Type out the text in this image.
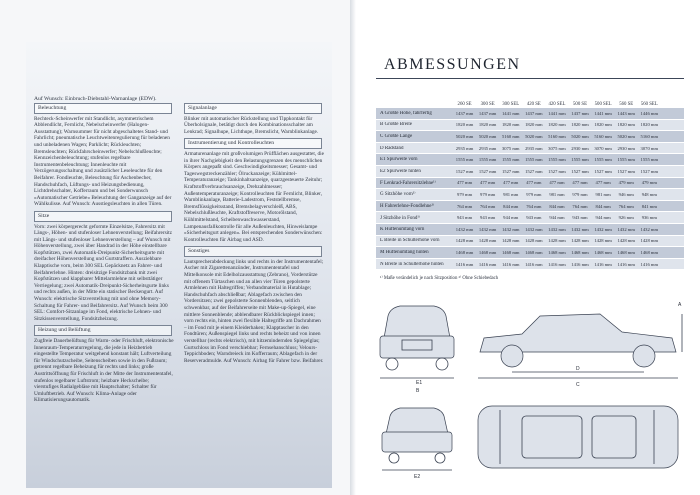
Auf Wunsch: Einbruch-Diebstahl-Warnanlage (EDW).
Beleuchtung

Rechteck-Scheinwerfer mit Standlicht, asymmetrischem Abblendlicht, Fernlicht, Nebelscheinwerfer (Halogen-Ausstattung); Warnsummer für nicht abgeschaltetes Stand- und Fahrlicht; pneumatische Leuchtweitenregulierung für beladenen und unbeladenen Wagen; Parklicht; Rückleuchten; Bremsleuchten; Rückfahrscheinwerfer; Nebelschlußleuchte; Kennzeichenbeleuchtung; stufenlos regelbare Instrumentenbeleuchtung; Innenleuchte mit Verzögerungsschaltung und zusätzlicher Leseleuchte für den Beifahrer. Fondleuchte, Beleuchtung für Aschenbecher, Handschuhfach, Lüftungs- und Heizungsbedienung, Lichtdrehschalter, Kofferraum und bei Sonderwunsch »Automatischer Getriebe« Beleuchtung der Ganganzeige auf der Wählkulisse. Auf Wunsch: Ausstiegsleuchten in allen Türen.

Sitze

Vorn: zwei körpergerecht geformte Einzelsitze, Fahrersitz mit Längs-, Höhen- und stufenloser Lehnenverstellung; Beifahrersitz mit Längs- und stufenloser Lehnenverstellung – auf Wunsch mit Höhenverstellung, zwei über Handrad in der Höhe einstellbare Kopfstützen, zwei Automatik-Dreipunkt-Sicherheitsgurte mit dreifacher Höhenverstellung und Gurtstraffern. Ausziehbare Klapptische vorn, beim 300 SEL Gepäcknetz an Fahrer- und Beifahrerlehne. Hinten: dreisitzige Fondsitzbank mit zwei Kopfstützen und klappbarer Mittelarmlehne mit selbsttätiger Verriegelung; zwei Automatik-Dreipunkt-Sicherheitsgurte links und rechts außen, in der Mitte ein statischer Beckengurt. Auf Wunsch: elektrische Sitzverstellung mit und ohne Memory-Schaltung für Fahrer- und Beifahrersitz. Auf Wunsch beim 300 SEL: Comfort-Sitzanlage im Fond, elektrische Lehnen- und Sitzkissenverstellung, Fondsitzheizung.

Heizung und Belüftung

Zugfreie Dauerbelüftung für Warm- oder Frischluft, elektronische Innenraum-Temperaturregelung, die jede in Heizbetrieb eingestellte Temperatur weitgehend konstant hält; Luftverteilung für Windschutzscheibe, Seitenscheiben sowie in den Fußraum; getrennt regelbare Beheizung für rechts und links; große Austrittsöffnung für Frischluft in der Mitte der Instrumententafel, stufenlos regelbarer Luftstrom; heizbare Heckscheibe; vierstufiges Radialgebläse mit Hauptschalter; Schalter für Umluftbetrieb. Auf Wunsch: Klima-Anlage oder Klimatisierungsautomatik.

Signalanlage

Blinker mit automatischer Rückstellung und Tippkontakt für Überholsignale, betätigt durch den Kombinationsschalter am Lenkrad; Signalhupe, Lichthupe, Bremslicht, Warnblinkanlage.

Instrumentierung und Kontrolleuchten

Armaturenanlage mit großvolumigen Prüfflächen ausgestattet, die in ihrer Nachgiebigkeit den Belastungsgrenzen des menschlichen Körpers angepaßt sind. Geschwindigkeitsmesser; Gesamt- und Tageswegstreckenzähler; Ölruckanzeige; Kühlmittel-Temperaturanzeige; Tankinhaltsanzeige, quarzgesteuerte Zeituhr; Kraftstoffverbrauchsanzeige, Drehzahlmesser; Außentemperaturanzeige; Kontrolleuchten für Fernlicht, Blinker, Warnblinkanlage, Batterie-Ladestrom, Feststellbremse, Bremsflüssigkeitsstand, Bremsbelagverschleiß, ABS, Nebelschlußleuchte, Kraftstoffreserve, Motorölstand, Kühlmittelstand, Scheibenwaschwasserstand, Lampenausfallkontrolle für alle Außenleuchten, Hinweislampe »Sicherheitsgurt anlegen«. Bei entsprechenden Sonderwünschen: Kontrolleuchten für Airbag und ASD.

Sonstiges

Lautsprecherabdeckung links und rechts in der Instrumententafel; Ascher mit Zigarettenanzünder, Instrumententafel und Mittelkonsole mit Edelholzausstattung (Zebrano), Vorderstütze mit offenem Türtaschen und an allen vier Türen gepolsterte Armlehnen mit Haltegriffen; Verbandmaterial in Hutablage; Handschuhfach abschließbar; Ablagefach zwischen den Vordersitzen; zwei gepolsterte Sonnenblenden, seitlich schwenkbar, auf der Beifahrerseite mit Make-up-Spiegel, eine mittlere Sonnenblende; abblendbarer Rückblickspiegel innen; vorn rechts ein, hinten zwei flexible Haltegriffe am Dachrahmen – im Fond mit je einem Kleiderhaken; Klapptascher in den Fondtüren; Außenspiegel links und rechts beheizt und von innen verstellbar (rechts elektrisch), mit hitzemindernden Spiegelglas; Gurtschloss im Fond verschiebbar; Fernsehanschluss; Velours-Teppichboden; Warndreieck im Kofferraum; Ablagefach in der Reserveradmulde. Auf Wunsch: Airbag für Fahrer bzw. Beifahrer.

ABMESSUNGEN
260 SE	300 SE	300 SEL	420 SE	420 SEL	500 SE	500 SEL	560 SE	560 SEL
A Größte Höhe, fahrfertig	1437 mm	1437 mm	1441 mm	1437 mm	1441 mm	1437 mm	1441 mm	1443 mm	1446 mm
B Größte Breite	1820 mm	1820 mm	1820 mm	1820 mm	1820 mm	1820 mm	1820 mm	1820 mm	1820 mm
C Größte Länge	5020 mm	5020 mm	5160 mm	5020 mm	5160 mm	5020 mm	5160 mm	5020 mm	5160 mm
D Radstand	2935 mm	2935 mm	3075 mm	2935 mm	3075 mm	2930 mm	3070 mm	2930 mm	3070 mm
E1 Spurweite vorn	1555 mm	1555 mm	1555 mm	1555 mm	1555 mm	1555 mm	1555 mm	1555 mm	1555 mm
E2 Spurweite hinten	1527 mm	1527 mm	1527 mm	1527 mm	1527 mm	1527 mm	1527 mm	1527 mm	1527 mm
F Lenkrad-Fahrersitzlehne¹⁾	477 mm	477 mm	477 mm	477 mm	477 mm	477 mm	477 mm	479 mm	479 mm
G Sitzhöhe vorn¹⁾	979 mm	979 mm	981 mm	979 mm	981 mm	979 mm	981 mm	946 mm	948 mm
H Fahrerlehne-Fondlehne¹⁾	764 mm	764 mm	844 mm	764 mm	844 mm	764 mm	844 mm	764 mm	841 mm
J Sitzhöhe in Fond¹⁾	943 mm	943 mm	944 mm	943 mm	944 mm	943 mm	944 mm	926 mm	936 mm
K Hüftenumfang vorn	1432 mm	1432 mm	1432 mm	1432 mm	1432 mm	1432 mm	1432 mm	1432 mm	1432 mm
L Breite in Schulterhöhe vorn	1428 mm	1428 mm	1428 mm	1428 mm	1428 mm	1428 mm	1428 mm	1428 mm	1428 mm
M Hüftenumfang hinten	1468 mm	1468 mm	1468 mm	1468 mm	1468 mm	1468 mm	1468 mm	1468 mm	1468 mm
N Breite in Schulterhöhe hinten	1416 mm	1416 mm	1416 mm	1416 mm	1416 mm	1416 mm	1416 mm	1416 mm	1416 mm
¹⁾ Maße verändelich je nach Sitzposition ²⁾ Ohne Schiebedach
E1
B
D
C
A
E2
